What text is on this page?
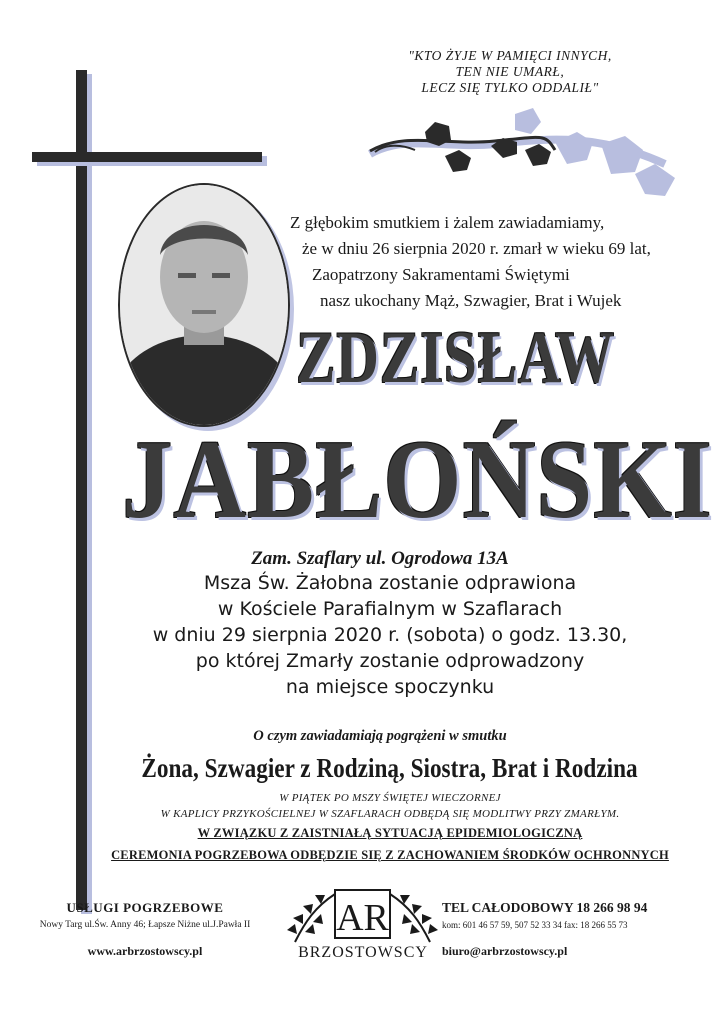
"KTO ŻYJE W PAMIĘCI INNYCH,
TEN NIE UMARŁ,
LECZ SIĘ TYLKO ODDALIŁ"
Z głębokim smutkiem i żalem zawiadamiamy,
że w dniu 26 sierpnia 2020 r. zmarł w wieku 69 lat,
Zaopatrzony Sakramentami Świętymi
nasz ukochany Mąż, Szwagier, Brat i Wujek
ZDZISŁAW
JABŁOŃSKI
Zam. Szaflary ul. Ogrodowa 13A
Msza Św. Żałobna zostanie odprawiona
w Kościele Parafialnym w Szaflarach
w dniu 29 sierpnia 2020 r. (sobota) o godz. 13.30,
po której Zmarły zostanie odprowadzony
na miejsce spoczynku
O czym zawiadamiają pogrążeni w smutku
Żona, Szwagier z Rodziną, Siostra, Brat i Rodzina
W PIĄTEK PO MSZY ŚWIĘTEJ WIECZORNEJ
W KAPLICY PRZYKOŚCIELNEJ W SZAFLARACH ODBĘDĄ SIĘ MODLITWY PRZY ZMARŁYM.
W ZWIĄZKU Z ZAISTNIAŁĄ SYTUACJĄ EPIDEMIOLOGICZNĄ
CEREMONIA POGRZEBOWA ODBĘDZIE SIĘ Z ZACHOWANIEM ŚRODKÓW OCHRONNYCH
USŁUGI POGRZEBOWE
Nowy Targ ul.Św. Anny 46; Łapsze Niżne ul.J.Pawła II
www.arbrzostowscy.pl
AR
BRZOSTOWSCY
TEL CAŁODOBOWY 18 266 98 94
kom: 601 46 57 59, 507 52 33 34 fax: 18 266 55 73
biuro@arbrzostowscy.pl
